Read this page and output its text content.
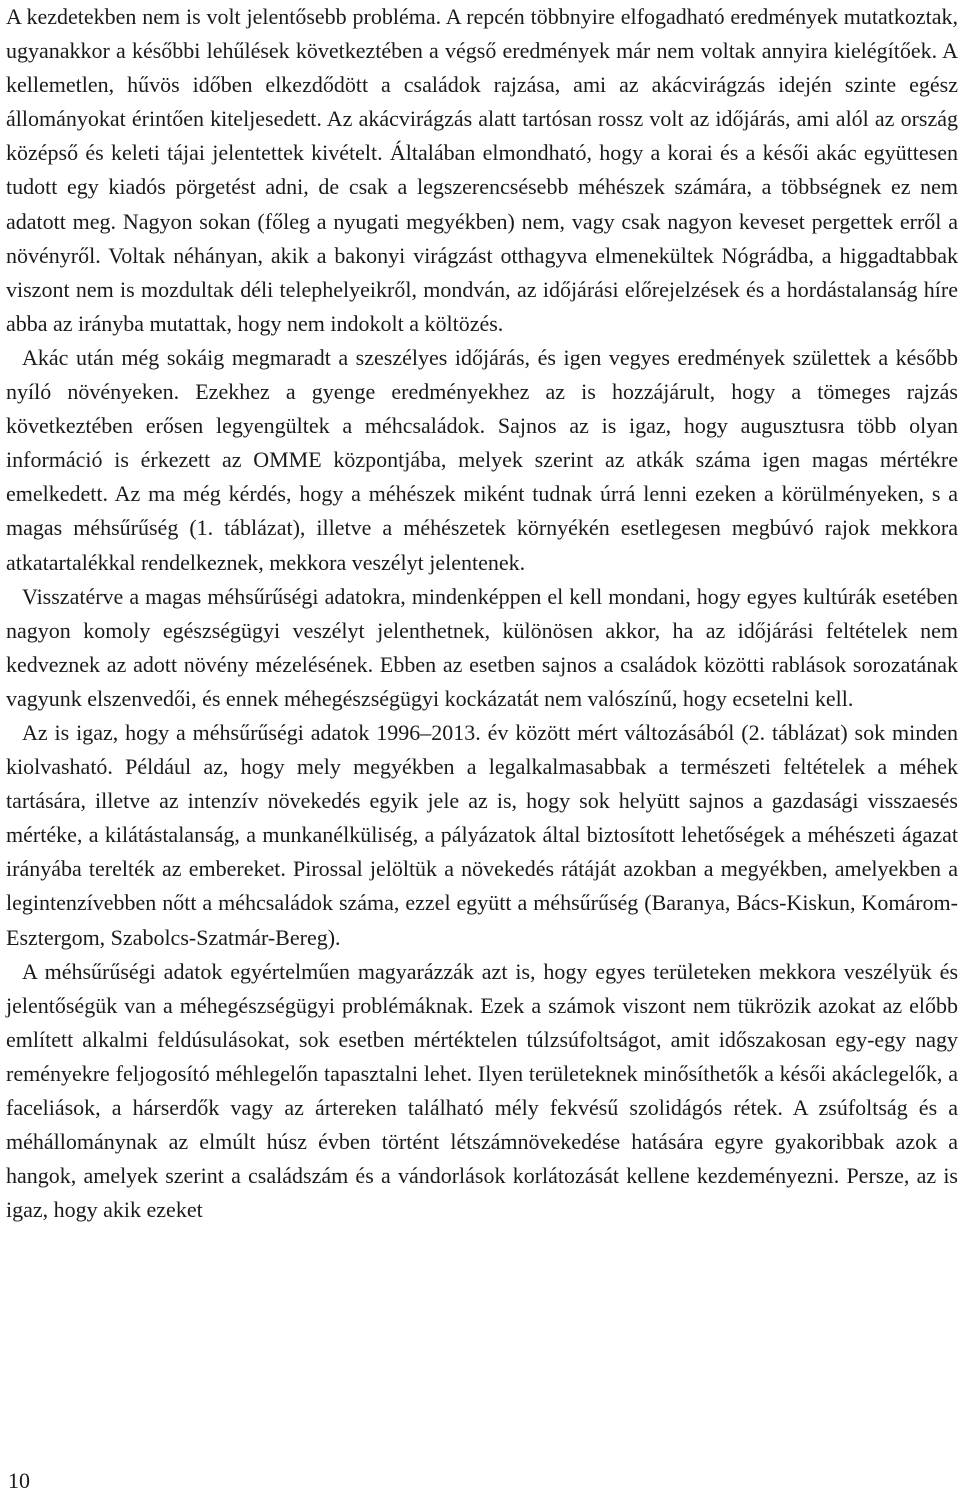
A kezdetekben nem is volt jelentősebb probléma. A repcén többnyire elfogadható eredmények mutatkoztak, ugyanakkor a későbbi lehűlések következtében a végső eredmények már nem voltak annyira kielégítőek. A kellemetlen, hűvös időben elkezdődött a családok rajzása, ami az akácvirágzás idején szinte egész állományokat érintően kiteljesedett. Az akácvirágzás alatt tartósan rossz volt az időjárás, ami alól az ország középső és keleti tájai jelentettek kivételt. Általában elmondható, hogy a korai és a késői akác együttesen tudott egy kiadós pörgetést adni, de csak a legszerencsésebb méhészek számára, a többségnek ez nem adatott meg. Nagyon sokan (főleg a nyugati megyékben) nem, vagy csak nagyon keveset pergettek erről a növényről. Voltak néhányan, akik a bakonyi virágzást otthagyva elmenekültek Nógrádba, a higgadtabbak viszont nem is mozdultak déli telephelyeikről, mondván, az időjárási előrejelzések és a hordástalanság híre abba az irányba mutattak, hogy nem indokolt a költözés.

Akác után még sokáig megmaradt a szeszélyes időjárás, és igen vegyes eredmények születtek a később nyíló növényeken. Ezekhez a gyenge eredményekhez az is hozzájárult, hogy a tömeges rajzás következtében erősen legyengültek a méhcsaládok. Sajnos az is igaz, hogy augusztusra több olyan információ is érkezett az OMME központjába, melyek szerint az atkák száma igen magas mértékre emelkedett. Az ma még kérdés, hogy a méhészek miként tudnak úrrá lenni ezeken a körülményeken, s a magas méhsűrűség (1. táblázat), illetve a méhészetek környékén esetlegesen megbúvó rajok mekkora atkatartalékkal rendelkeznek, mekkora veszélyt jelentenek.

Visszatérve a magas méhsűrűségi adatokra, mindenképpen el kell mondani, hogy egyes kultúrák esetében nagyon komoly egészségügyi veszélyt jelenthetnek, különösen akkor, ha az időjárási feltételek nem kedveznek az adott növény mézelésének. Ebben az esetben sajnos a családok közötti rablások sorozatának vagyunk elszenvedői, és ennek méhegészségügyi kockázatát nem valószínű, hogy ecsetelni kell.

Az is igaz, hogy a méhsűrűségi adatok 1996–2013. év között mért változásából (2. táblázat) sok minden kiolvasható. Például az, hogy mely megyékben a legalkalmasabbak a természeti feltételek a méhek tartására, illetve az intenzív növekedés egyik jele az is, hogy sok helyütt sajnos a gazdasági visszaesés mértéke, a kilátástalanság, a munkanélküliség, a pályázatok által biztosított lehetőségek a méhészeti ágazat irányába terelték az embereket. Pirossal jelöltük a növekedés rátáját azokban a megyékben, amelyekben a legintenzívebben nőtt a méhcsaládok száma, ezzel együtt a méhsűrűség (Baranya, Bács-Kiskun, Komárom-Esztergom, Szabolcs-Szatmár-Bereg).

A méhsűrűségi adatok egyértelműen magyarázzák azt is, hogy egyes területeken mekkora veszélyük és jelentőségük van a méhegészségügyi problémáknak. Ezek a számok viszont nem tükrözik azokat az előbb említett alkalmi feldúsulásokat, sok esetben mértéktelen túlzsúfoltságot, amit időszakosan egy-egy nagy reményekre feljogosító méhlegelőn tapasztalni lehet. Ilyen területeknek minősíthetők a késői akáclegelők, a faceliások, a hárserdők vagy az ártereken található mély fekvésű szolidágós rétek. A zsúfoltság és a méhállománynak az elmúlt húsz évben történt létszámnövekedése hatására egyre gyakoribbak azok a hangok, amelyek szerint a családszám és a vándorlások korlátozását kellene kezdeményezni. Persze, az is igaz, hogy akik ezeket

10
